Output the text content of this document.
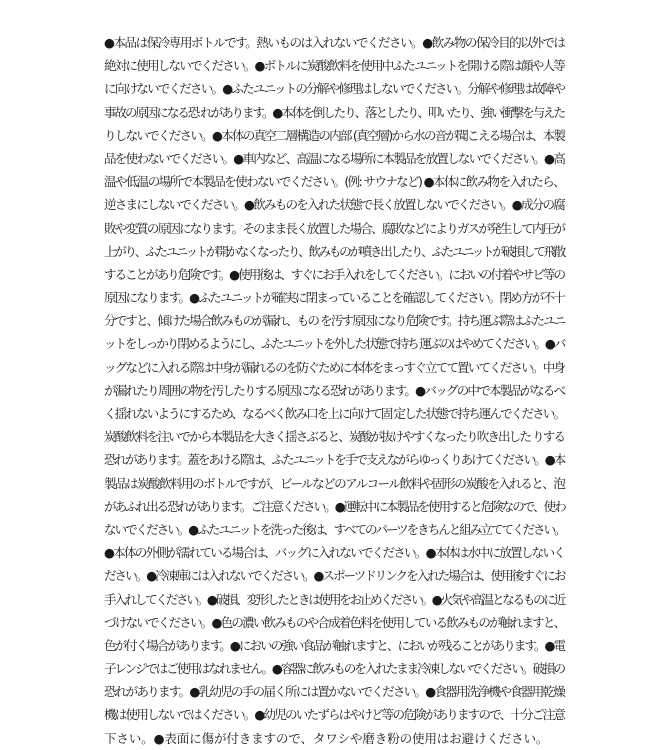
●本品は保冷専用ボトルです。熱いものは入れないでください。●飲み物の保冷目的以外では
絶対に使用しないでください。●ボトルに炭酸飲料を使用中ふたユニットを開ける際は顔や人等
に向けないでください。●ふたユニットの分解や修理はしないでください。分解や修理は故障や
事故の原因になる恐 れがあります。●本体を倒したり、落としたり、叩いたり、強い衝撃を与えた
りしないでください。●本体の真空二層構造の内部 (真空層)から水の音が聞こえる場合は、本製
品を使わないでください。●車内など、高温になる場所に本製品を放置しないでください。●高
温や低温の場所で本製品を使わないでください。(例: サウナなど) ●本体に飲み物を入れたら、
逆さまにしないでください。●飲みものを入れた状態で長く放置しないでください。●成分の腐
敗や変質の原因になります。そのまま長く放置した場合、腐敗などによりガスが発生して内圧が
上がり、ふたユニットが開かなくなったり、飲みものが噴き出したり、ふたユニットが破損して飛散
することがあり危険です。●使用後は、すぐにお手入れをしてください。においの付着やサビ等の
原因になります。●ふたユニットが確実に閉まっていることを確認してください。閉め方が不十
分ですと、傾けた場合飲みものが漏れ、もの を汚す原因になり危険です。持ち運ぶ際はふたユニ
ットをしっかり閉めるようにし、ふたユニットを外した状態で持ち 運ぶのはやめてください。●バ
ッグなどに入れる際は中身が漏れるのを防ぐために本体をまっすぐ立てて置いてください。中身
が漏れたり周囲の物を汚したりする原因になる恐れがあります。●バッグの中で本製品がなるべ
く揺れないようにするため、なるべく飲み口を上に向けて固 定した状態で持ち運んでください。
炭酸飲料を注いでから本製品を大きく揺さぶると、炭酸が抜けやすくなったり吹き出した りする
恐れがあります。蓋をあける際は、ふたユニットを手で支えながらゆっくりあけてください。●本
製品は炭酸飲料用のボトルですが、ビールなどのアルコール飲料や固形の炭酸を入れると、泡
があふれ出る恐れがあります。ご注意ください。●運転中に本製品を使用すると危険なので、使わ
ないでください。●ふたユニットを洗った後は、すべてのパーツをきちんと組み立ててください。
●本体の外側が濡れている場合は、バッグに入れないでください。●本体は水中に放置しないく
ださい。●冷凍庫には入れないでください。●スポーツドリンクを入れた場合は、使用後すぐにお
手入れしてください。●破損、変形したときは使用をお止めください。●火気や高温となるものに近
づけないでください。●色の濃い飲みものや合成着色料を使用している飲みものが触れますと、
色が付く場合があります。●においの強い食品が触れますと、においが残ることがあります。●電
子レンジではご使用はなれません。●容器に飲みものを入れたまま冷凍しないでください。破損の
恐れがあります。●乳幼児の手の届く所には置かないでください。●食器用洗浄機や食器用乾燥
機は使用しないではください。●幼児のいたずらはやけど等の危険がありますので、十分ご注意
下さい。●表面に傷が付きますので、タワシや磨き粉の使用はお避けください。
